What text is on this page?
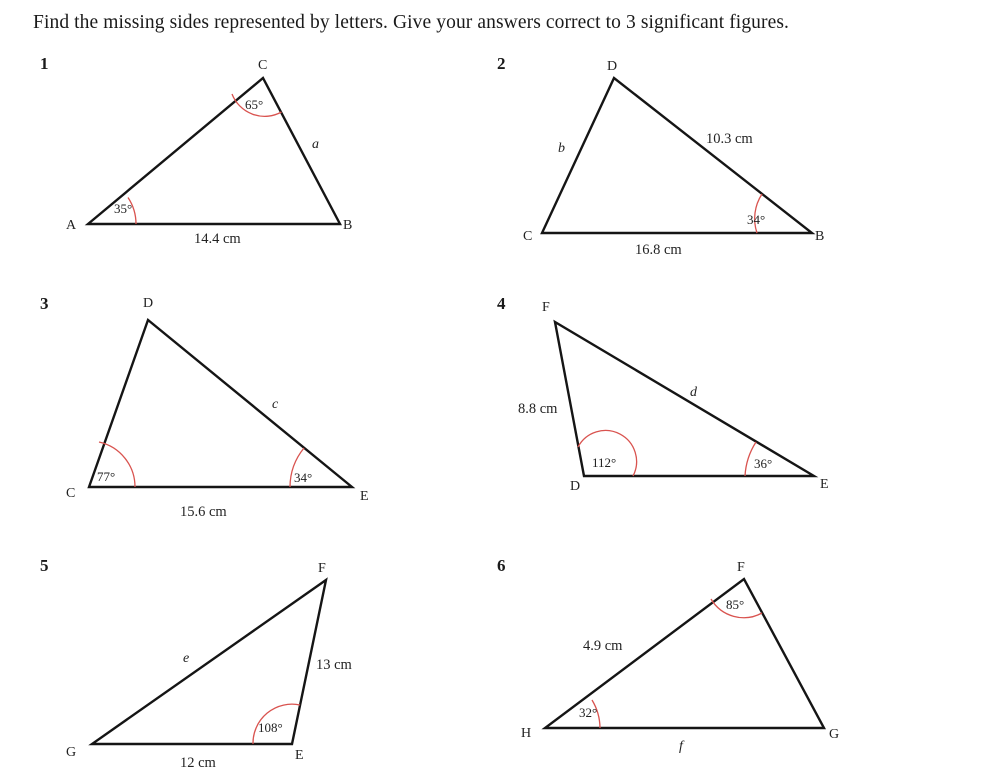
Find the missing sides represented by letters. Give your answers correct to 3 significant figures.
1	2
3	4
5	6
A	B
C
35°
65°
14.4 cm
a
D
C	B
34°
10.3 cm
16.8 cm
b
D
C	E
77°	34°
15.6 cm
c
F
D	E
112°	36°
8.8 cm
d
F
G	E
108°
13 cm
12 cm
e
F
H	G
85°
32°
4.9 cm
f
